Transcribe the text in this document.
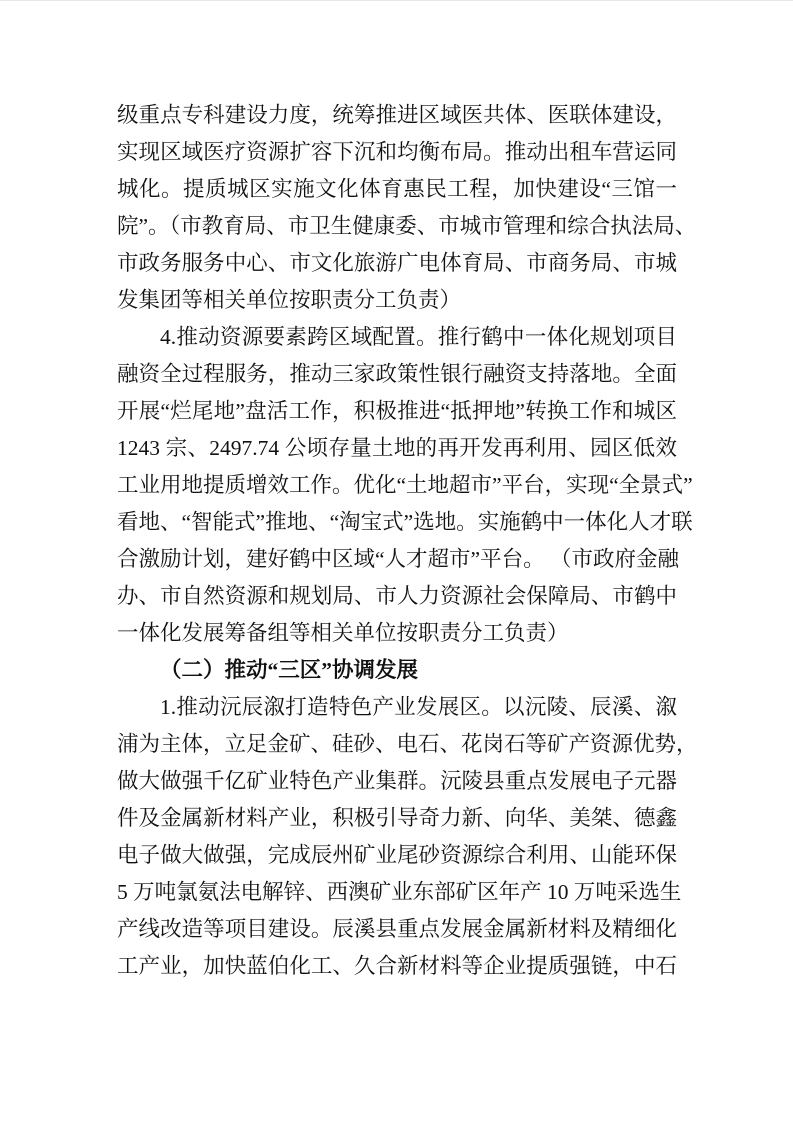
级重点专科建设力度，统筹推进区域医共体、医联体建设，

实现区域医疗资源扩容下沉和均衡布局。推动出租车营运同

城化。提质城区实施文化体育惠民工程，加快建设“三馆一

院”。（市教育局、市卫生健康委、市城市管理和综合执法局、

市政务服务中心、市文化旅游广电体育局、市商务局、市城

发集团等相关单位按职责分工负责）

4.推动资源要素跨区域配置。推行鹤中一体化规划项目

融资全过程服务，推动三家政策性银行融资支持落地。全面

开展“烂尾地”盘活工作，积极推进“抵押地”转换工作和城区

1243 宗、2497.74 公顷存量土地的再开发再利用、园区低效

工业用地提质增效工作。优化“土地超市”平台，实现“全景式”

看地、“智能式”推地、“淘宝式”选地。实施鹤中一体化人才联

合激励计划，建好鹤中区域“人才超市”平台。 （市政府金融

办、市自然资源和规划局、市人力资源社会保障局、市鹤中

一体化发展筹备组等相关单位按职责分工负责）

（二）推动“三区”协调发展

1.推动沅辰溆打造特色产业发展区。以沅陵、辰溪、溆

浦为主体，立足金矿、硅砂、电石、花岗石等矿产资源优势，

做大做强千亿矿业特色产业集群。沅陵县重点发展电子元器

件及金属新材料产业，积极引导奇力新、向华、美桀、德鑫

电子做大做强，完成辰州矿业尾砂资源综合利用、山能环保

5 万吨氯氨法电解锌、西澳矿业东部矿区年产 10 万吨采选生

产线改造等项目建设。辰溪县重点发展金属新材料及精细化

工产业，加快蓝伯化工、久合新材料等企业提质强链，中石
